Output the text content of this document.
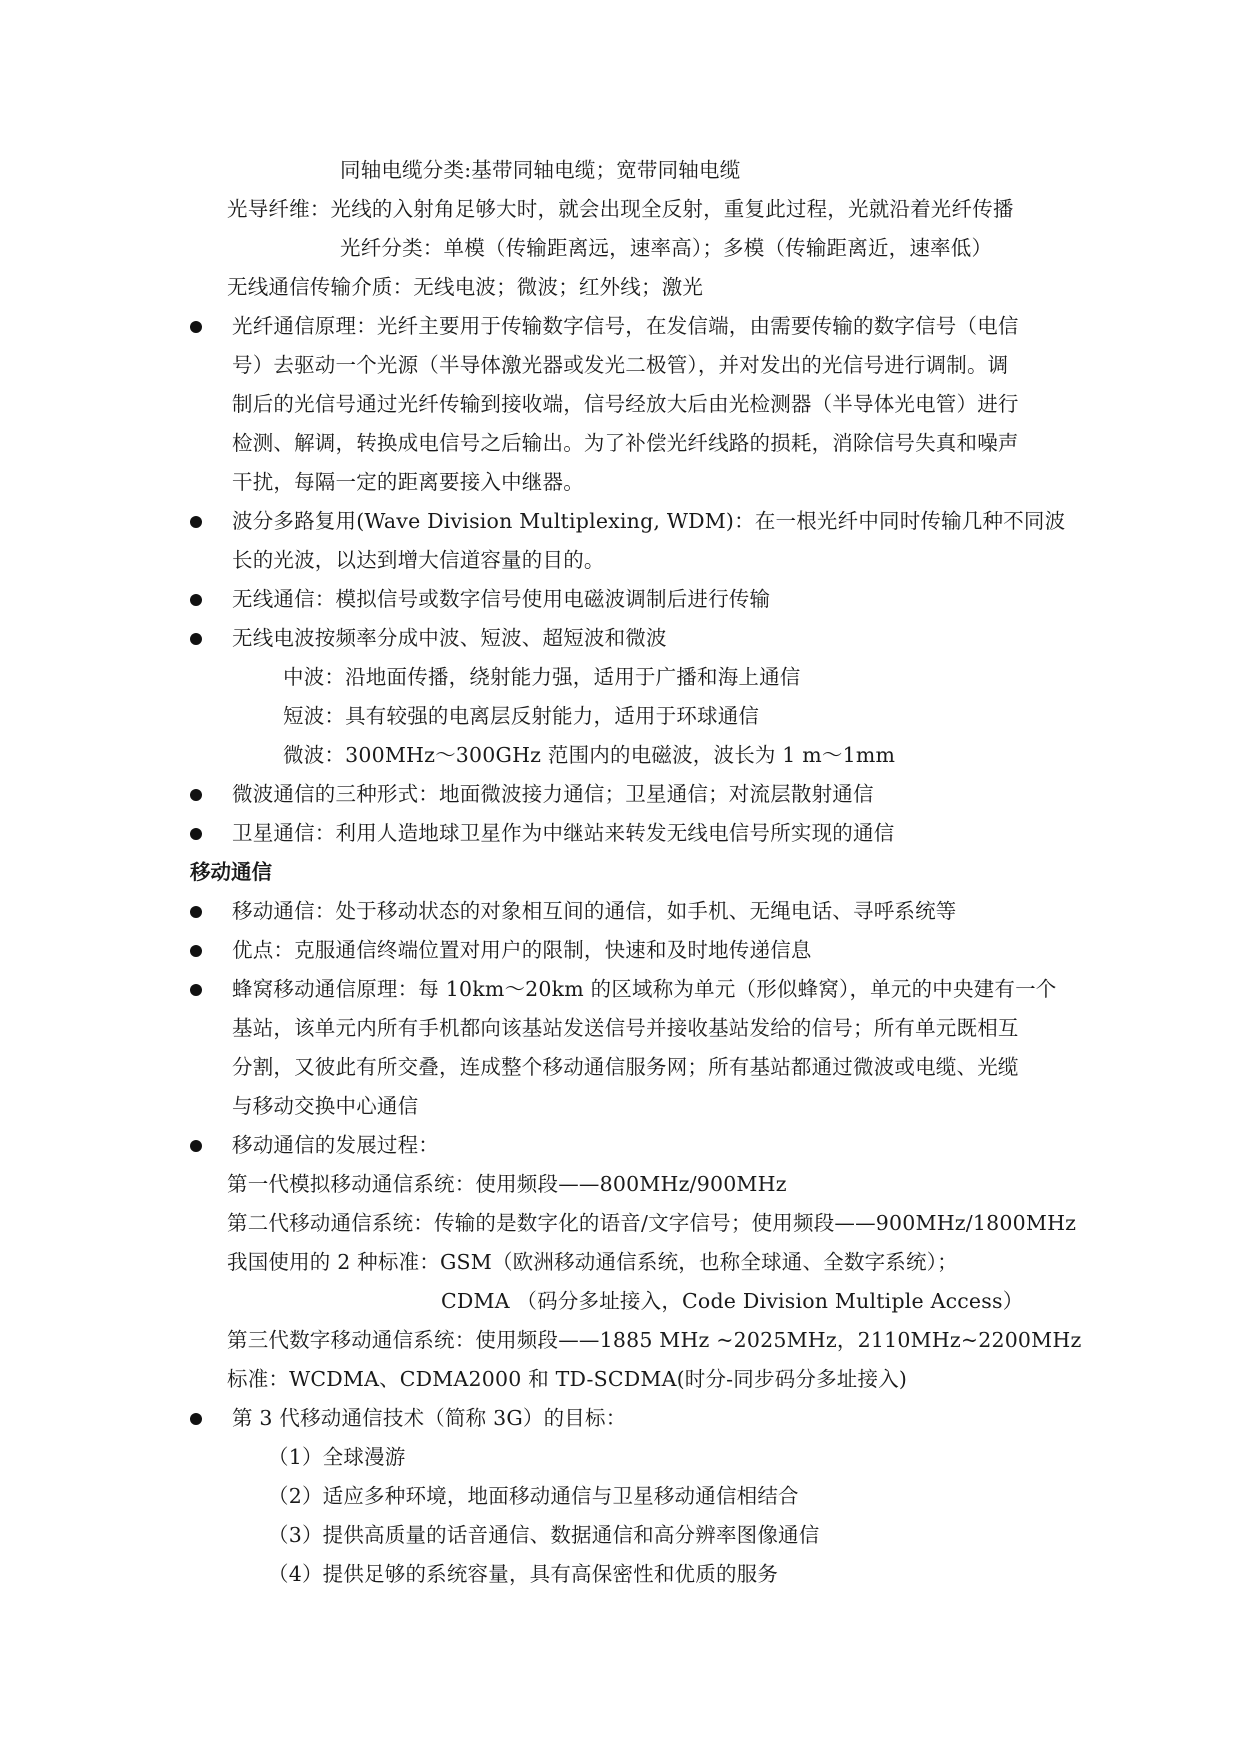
同轴电缆分类:基带同轴电缆；宽带同轴电缆
光导纤维：光线的入射角足够大时，就会出现全反射，重复此过程，光就沿着光纤传播
光纤分类：单模（传输距离远，速率高）；多模（传输距离近，速率低）
无线通信传输介质：无线电波；微波；红外线；激光
光纤通信原理：光纤主要用于传输数字信号，在发信端，由需要传输的数字信号（电信
号）去驱动一个光源（半导体激光器或发光二极管），并对发出的光信号进行调制。调
制后的光信号通过光纤传输到接收端，信号经放大后由光检测器（半导体光电管）进行
检测、解调，转换成电信号之后输出。为了补偿光纤线路的损耗，消除信号失真和噪声
干扰，每隔一定的距离要接入中继器。
波分多路复用(Wave Division Multiplexing, WDM)：在一根光纤中同时传输几种不同波
长的光波，以达到增大信道容量的目的。
无线通信：模拟信号或数字信号使用电磁波调制后进行传输
无线电波按频率分成中波、短波、超短波和微波
中波：沿地面传播，绕射能力强，适用于广播和海上通信
短波：具有较强的电离层反射能力，适用于环球通信
微波：300MHz～300GHz 范围内的电磁波，波长为 1 m～1mm
微波通信的三种形式：地面微波接力通信；卫星通信；对流层散射通信
卫星通信：利用人造地球卫星作为中继站来转发无线电信号所实现的通信
移动通信
移动通信：处于移动状态的对象相互间的通信，如手机、无绳电话、寻呼系统等
优点：克服通信终端位置对用户的限制，快速和及时地传递信息
蜂窝移动通信原理：每 10km～20km 的区域称为单元（形似蜂窝），单元的中央建有一个
基站，该单元内所有手机都向该基站发送信号并接收基站发给的信号；所有单元既相互
分割，又彼此有所交叠，连成整个移动通信服务网；所有基站都通过微波或电缆、光缆
与移动交换中心通信
移动通信的发展过程：
第一代模拟移动通信系统：使用频段——800MHz/900MHz
第二代移动通信系统：传输的是数字化的语音/文字信号；使用频段——900MHz/1800MHz
我国使用的 2 种标准：GSM（欧洲移动通信系统，也称全球通、全数字系统）；
CDMA （码分多址接入，Code Division Multiple Access）
第三代数字移动通信系统：使用频段——1885 MHz ~2025MHz，2110MHz~2200MHz
标准：WCDMA、CDMA2000 和 TD-SCDMA(时分-同步码分多址接入)
第 3 代移动通信技术（简称 3G）的目标：
（1）全球漫游
（2）适应多种环境，地面移动通信与卫星移动通信相结合
（3）提供高质量的话音通信、数据通信和高分辨率图像通信
（4）提供足够的系统容量，具有高保密性和优质的服务
